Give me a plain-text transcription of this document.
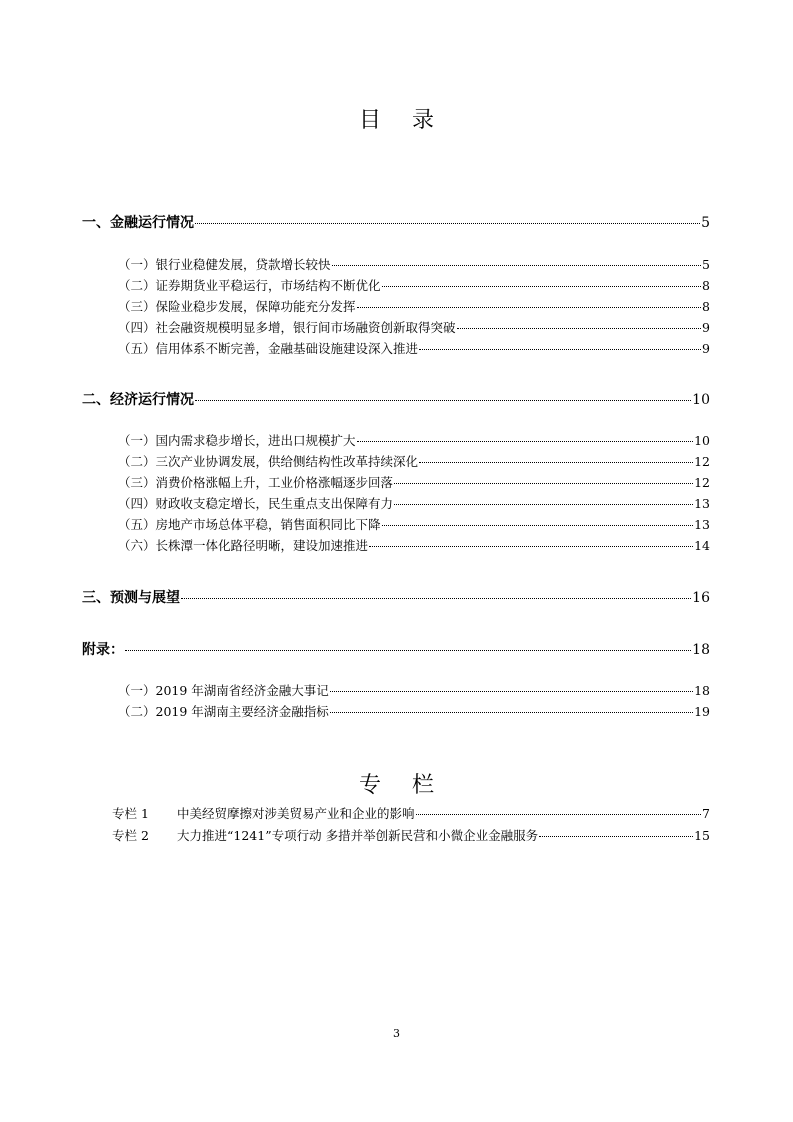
目 录
一、金融运行情况	5
（一）银行业稳健发展，贷款增长较快	5
（二）证券期货业平稳运行，市场结构不断优化	8
（三）保险业稳步发展，保障功能充分发挥	8
（四）社会融资规模明显多增，银行间市场融资创新取得突破	9
（五）信用体系不断完善，金融基础设施建设深入推进	9
二、经济运行情况	10
（一）国内需求稳步增长，进出口规模扩大	10
（二）三次产业协调发展，供给侧结构性改革持续深化	12
（三）消费价格涨幅上升，工业价格涨幅逐步回落	12
（四）财政收支稳定增长，民生重点支出保障有力	13
（五）房地产市场总体平稳，销售面积同比下降	13
（六）长株潭一体化路径明晰，建设加速推进	14
三、预测与展望	16
附录：	18
（一）2019 年湖南省经济金融大事记	18
（二）2019 年湖南主要经济金融指标	19
专 栏
专栏 1	中美经贸摩擦对涉美贸易产业和企业的影响	7
专栏 2	大力推进“1241”专项行动 多措并举创新民营和小微企业金融服务	15
3
